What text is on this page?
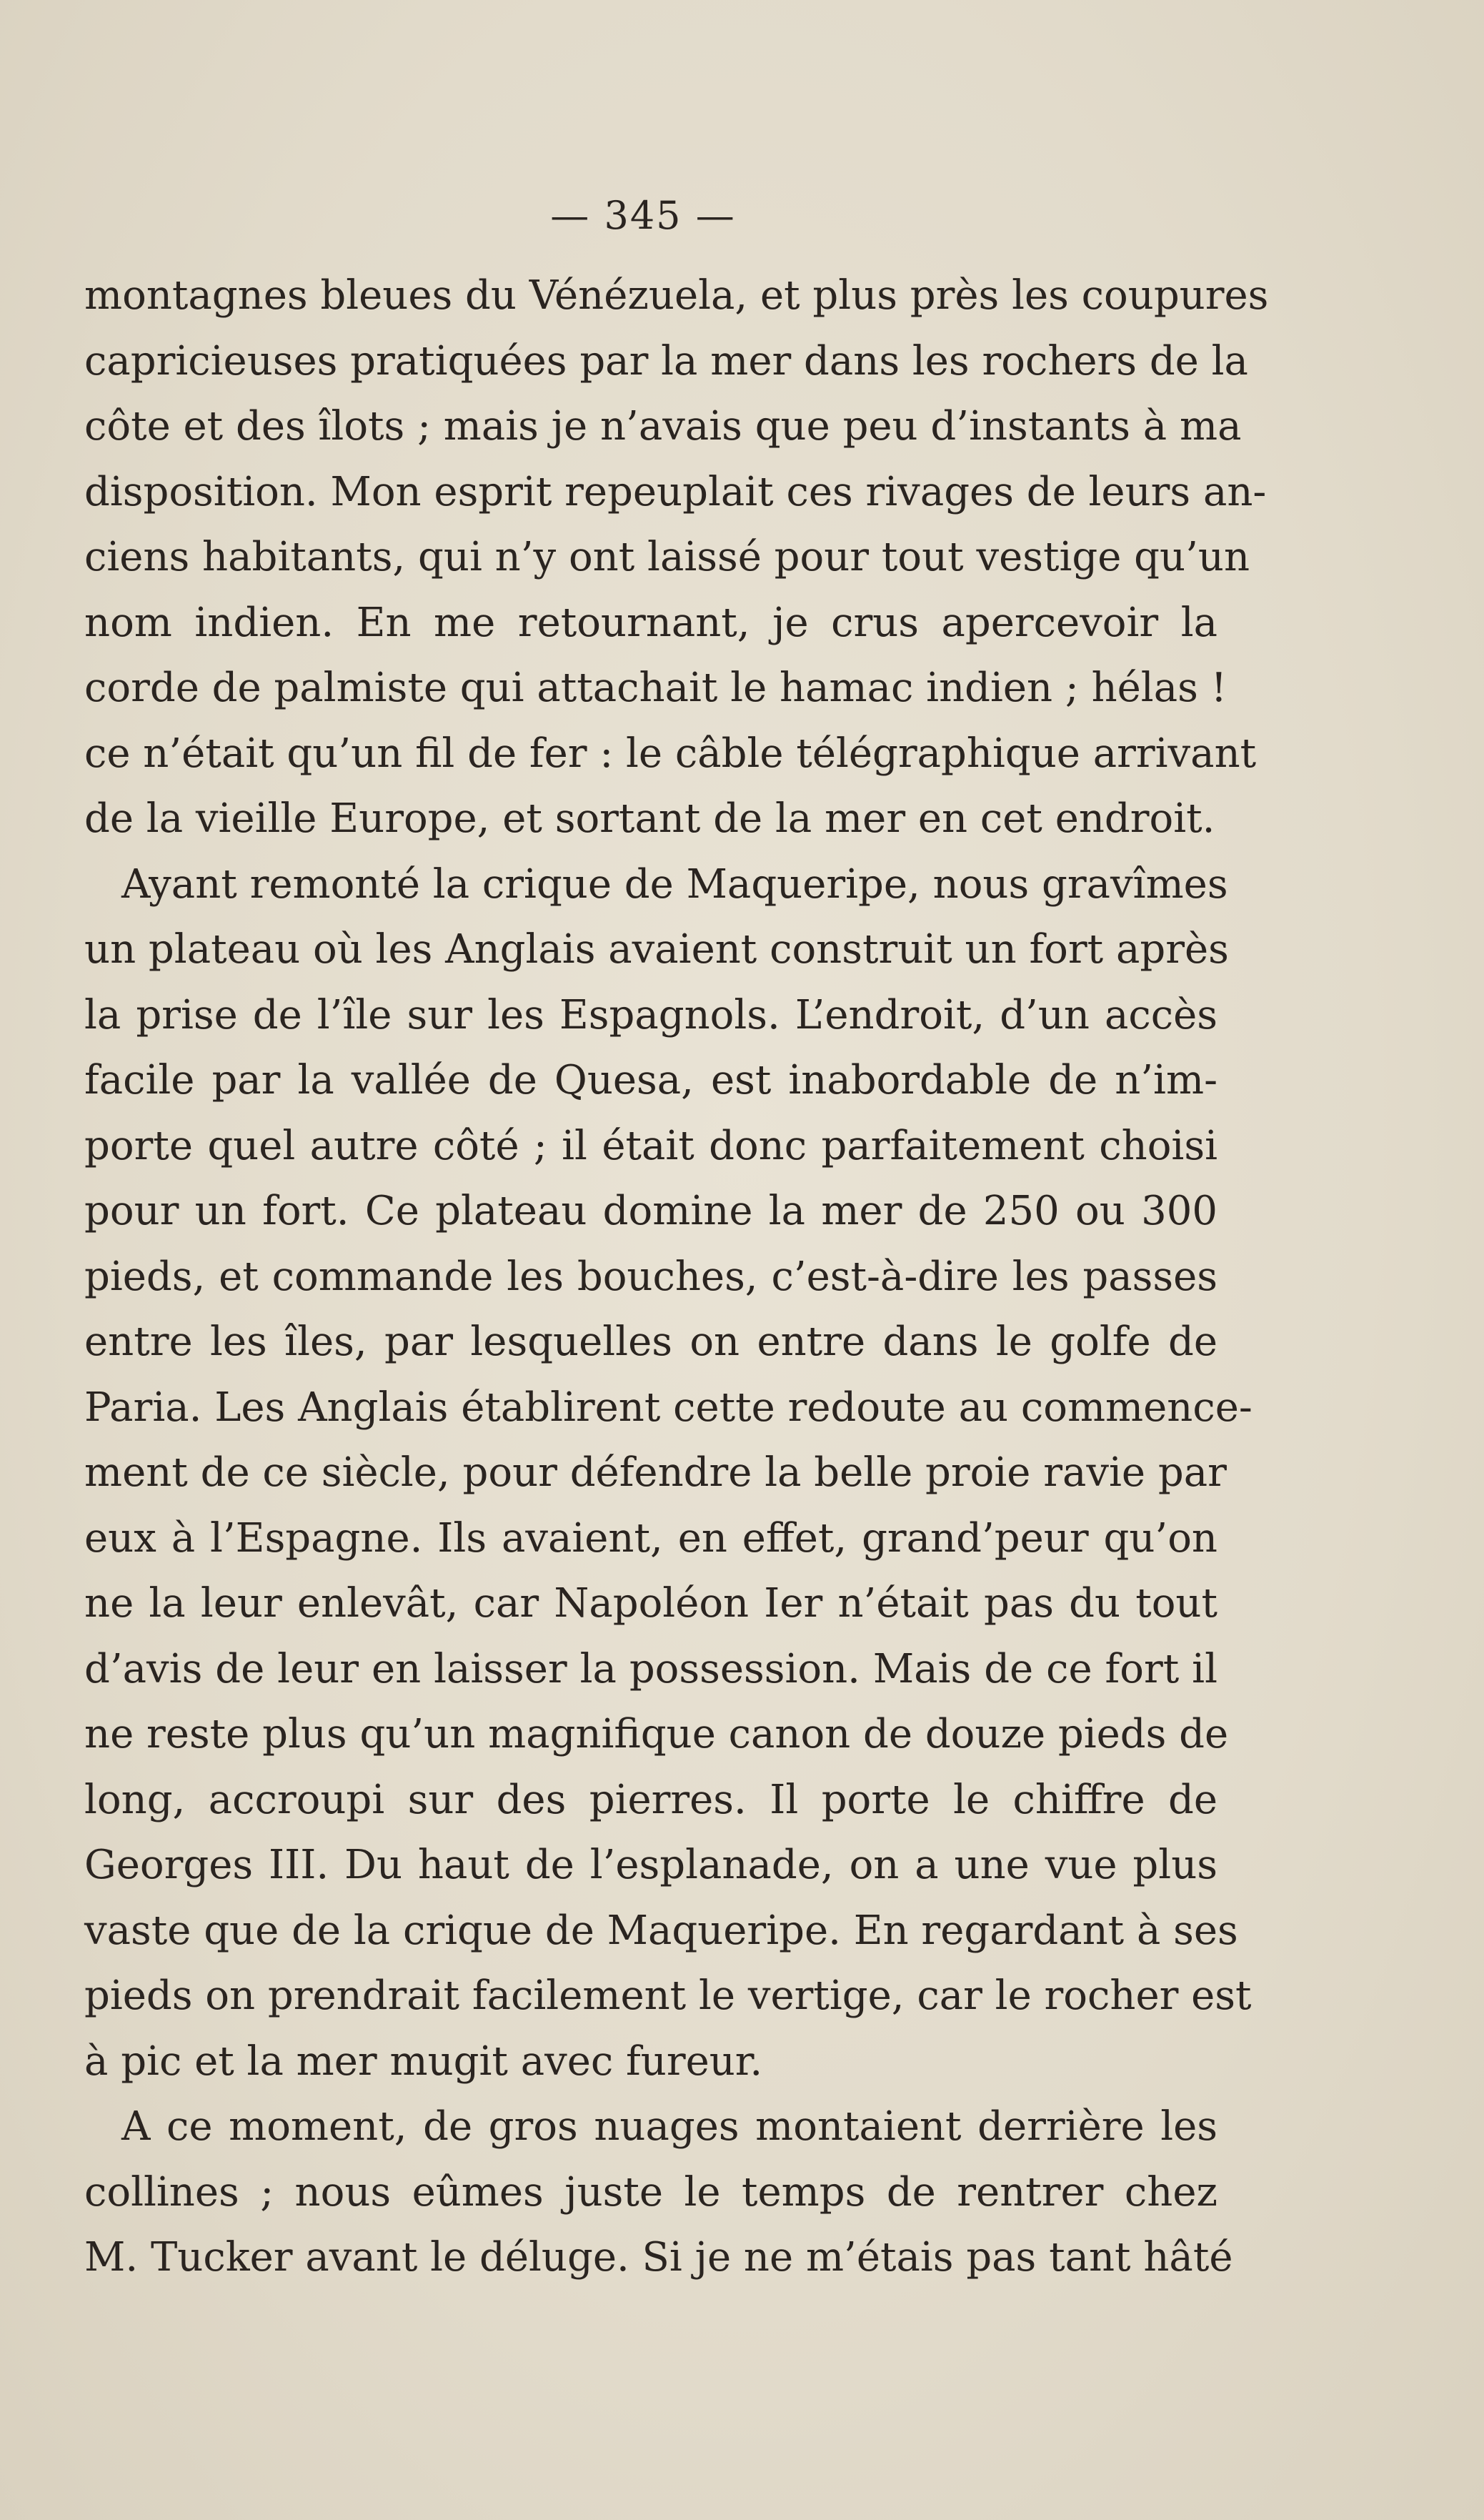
— 345 —
montagnes bleues du Vénézuela, et plus près les coupures
capricieuses pratiquées par la mer dans les rochers de la
côte et des îlots ; mais je n’avais que peu d’instants à ma
disposition. Mon esprit repeuplait ces rivages de leurs an-
ciens habitants, qui n’y ont laissé pour tout vestige qu’un
nom indien. En me retournant, je crus apercevoir la
corde de palmiste qui attachait le hamac indien ; hélas !
ce n’était qu’un fil de fer : le câble télégraphique arrivant
de la vieille Europe, et sortant de la mer en cet endroit.
Ayant remonté la crique de Maqueripe, nous gravîmes
un plateau où les Anglais avaient construit un fort après
la prise de l’île sur les Espagnols. L’endroit, d’un accès
facile par la vallée de Quesa, est inabordable de n’im-
porte quel autre côté ; il était donc parfaitement choisi
pour un fort. Ce plateau domine la mer de 250 ou 300
pieds, et commande les bouches, c’est-à-dire les passes
entre les îles, par lesquelles on entre dans le golfe de
Paria. Les Anglais établirent cette redoute au commence-
ment de ce siècle, pour défendre la belle proie ravie par
eux à l’Espagne. Ils avaient, en effet, grand’peur qu’on
ne la leur enlevât, car Napoléon Ier n’était pas du tout
d’avis de leur en laisser la possession. Mais de ce fort il
ne reste plus qu’un magnifique canon de douze pieds de
long, accroupi sur des pierres. Il porte le chiffre de
Georges III. Du haut de l’esplanade, on a une vue plus
vaste que de la crique de Maqueripe. En regardant à ses
pieds on prendrait facilement le vertige, car le rocher est
à pic et la mer mugit avec fureur.
A ce moment, de gros nuages montaient derrière les
collines ; nous eûmes juste le temps de rentrer chez
M. Tucker avant le déluge. Si je ne m’étais pas tant hâté
